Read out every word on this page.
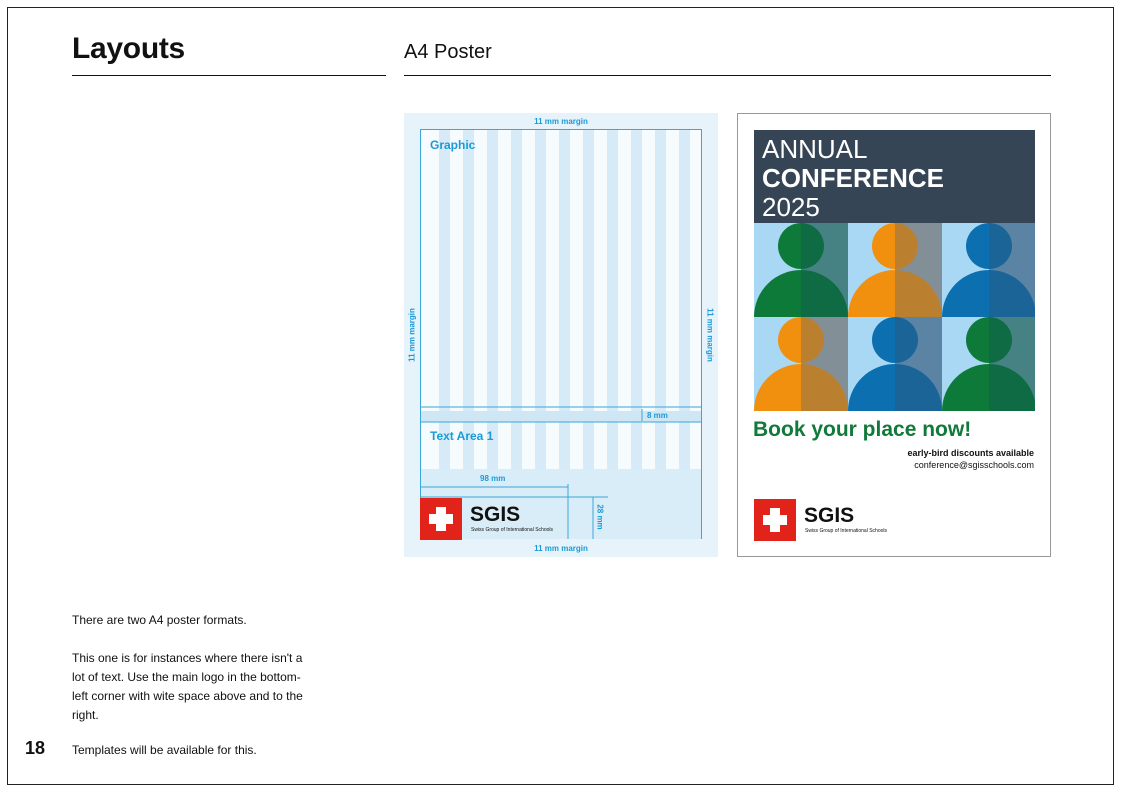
Layouts	A4 Poster
11 mm margin
11 mm margin
11 mm margin	11 mm margin
Graphic
Text Area 1
8 mm
98 mm
28 mm
SGIS
Swiss Group of International Schools
ANNUAL
CONFERENCE
2025
Book your place now!
early-bird discounts available
conference@sgisschools.com
SGIS
Swiss Group of International Schools
There are two A4 poster formats.
This one is for instances where there isn't a lot of text. Use the main logo in the bottom-left corner with wite space above and to the right.
Templates will be available for this.
18
